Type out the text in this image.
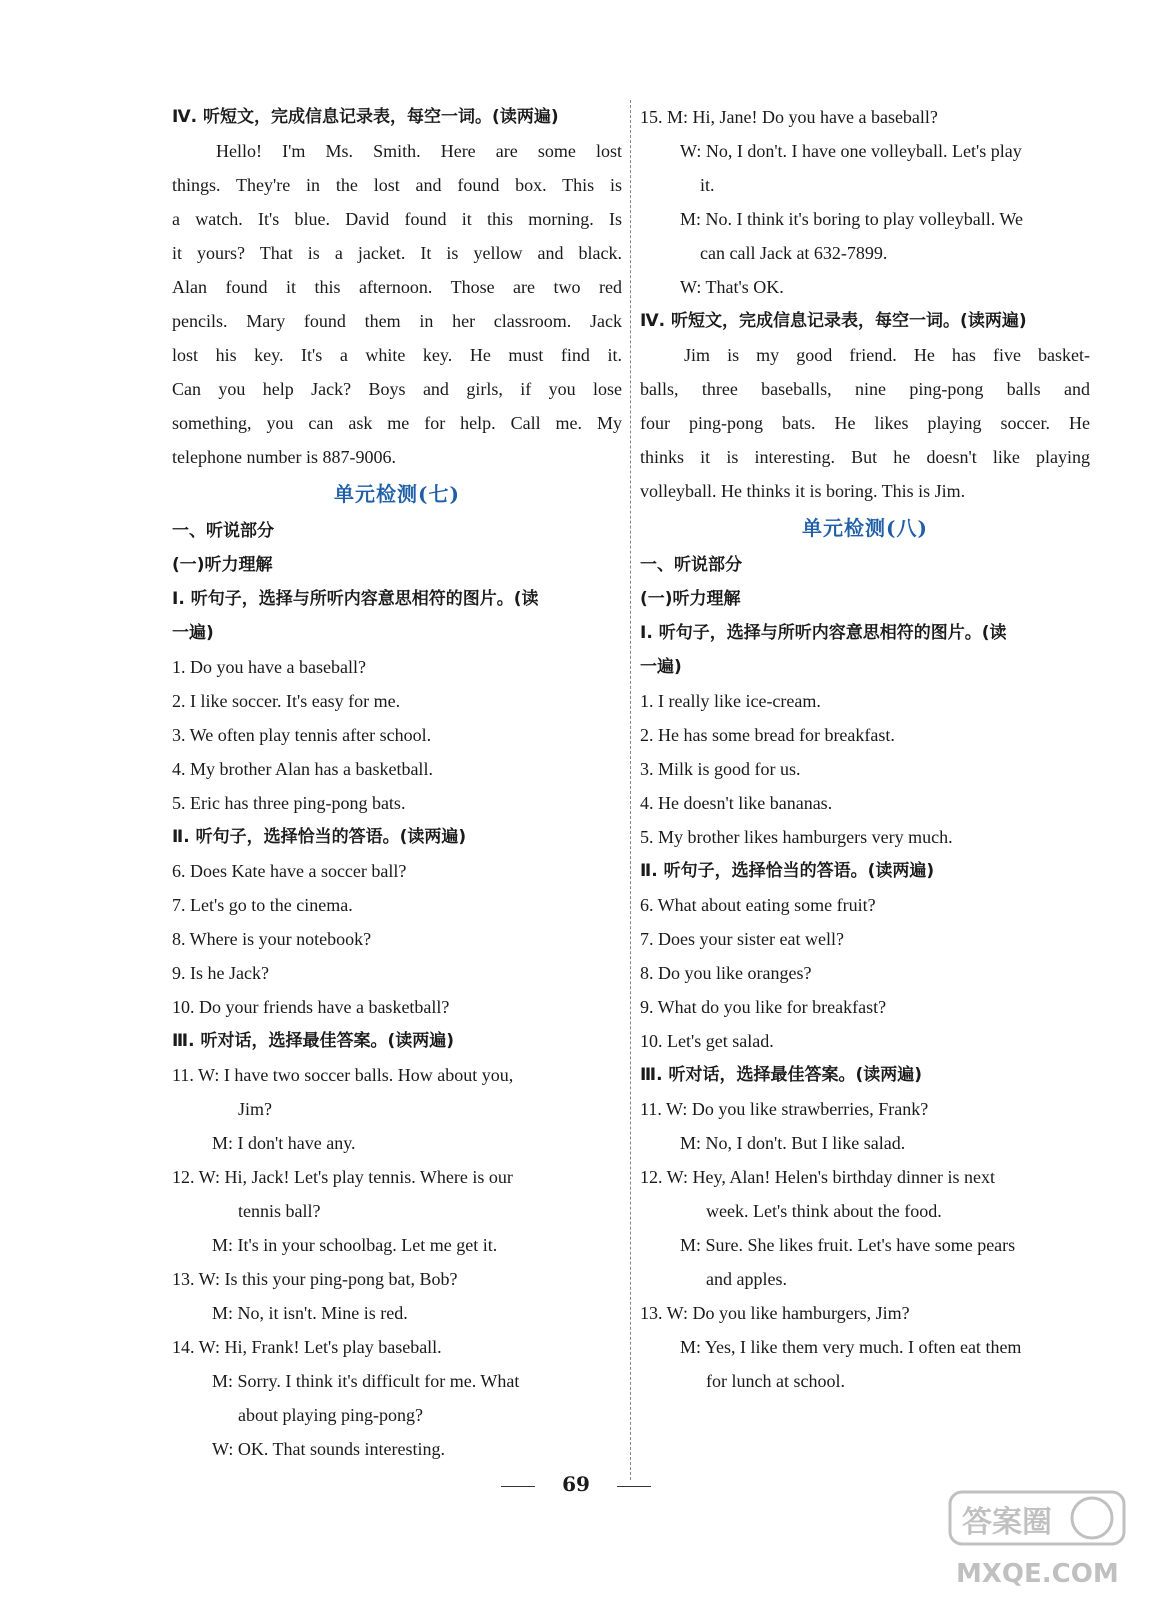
Ⅳ. 听短文，完成信息记录表，每空一词。(读两遍)
Hello! I'm Ms. Smith. Here are some lost
things. They're in the lost and found box. This is
a watch. It's blue. David found it this morning. Is
it yours? That is a jacket. It is yellow and black.
Alan found it this afternoon. Those are two red
pencils. Mary found them in her classroom. Jack
lost his key. It's a white key. He must find it.
Can you help Jack? Boys and girls, if you lose
something, you can ask me for help. Call me. My
telephone number is 887-9006.
单元检测(七)
一、听说部分
(一)听力理解
Ⅰ. 听句子，选择与所听内容意思相符的图片。(读
一遍)
1. Do you have a baseball?
2. I like soccer. It's easy for me.
3. We often play tennis after school.
4. My brother Alan has a basketball.
5. Eric has three ping-pong bats.
Ⅱ. 听句子，选择恰当的答语。(读两遍)
6. Does Kate have a soccer ball?
7. Let's go to the cinema.
8. Where is your notebook?
9. Is he Jack?
10. Do your friends have a basketball?
Ⅲ. 听对话，选择最佳答案。(读两遍)
11. W: I have two soccer balls. How about you,
Jim?
M: I don't have any.
12. W: Hi, Jack! Let's play tennis. Where is our
tennis ball?
M: It's in your schoolbag. Let me get it.
13. W: Is this your ping-pong bat, Bob?
M: No, it isn't. Mine is red.
14. W: Hi, Frank! Let's play baseball.
M: Sorry. I think it's difficult for me. What
about playing ping-pong?
W: OK. That sounds interesting.
15. M: Hi, Jane! Do you have a baseball?
W: No, I don't. I have one volleyball. Let's play
it.
M: No. I think it's boring to play volleyball. We
can call Jack at 632-7899.
W: That's OK.
Ⅳ. 听短文，完成信息记录表，每空一词。(读两遍)
Jim is my good friend. He has five basket-
balls, three baseballs, nine ping-pong balls and
four ping-pong bats. He likes playing soccer. He
thinks it is interesting. But he doesn't like playing
volleyball. He thinks it is boring. This is Jim.
单元检测(八)
一、听说部分
(一)听力理解
Ⅰ. 听句子，选择与所听内容意思相符的图片。(读
一遍)
1. I really like ice-cream.
2. He has some bread for breakfast.
3. Milk is good for us.
4. He doesn't like bananas.
5. My brother likes hamburgers very much.
Ⅱ. 听句子，选择恰当的答语。(读两遍)
6. What about eating some fruit?
7. Does your sister eat well?
8. Do you like oranges?
9. What do you like for breakfast?
10. Let's get salad.
Ⅲ. 听对话，选择最佳答案。(读两遍)
11. W: Do you like strawberries, Frank?
M: No, I don't. But I like salad.
12. W: Hey, Alan! Helen's birthday dinner is next
week. Let's think about the food.
M: Sure. She likes fruit. Let's have some pears
and apples.
13. W: Do you like hamburgers, Jim?
M: Yes, I like them very much. I often eat them
for lunch at school.
69
答案圈
MXQE.COM
